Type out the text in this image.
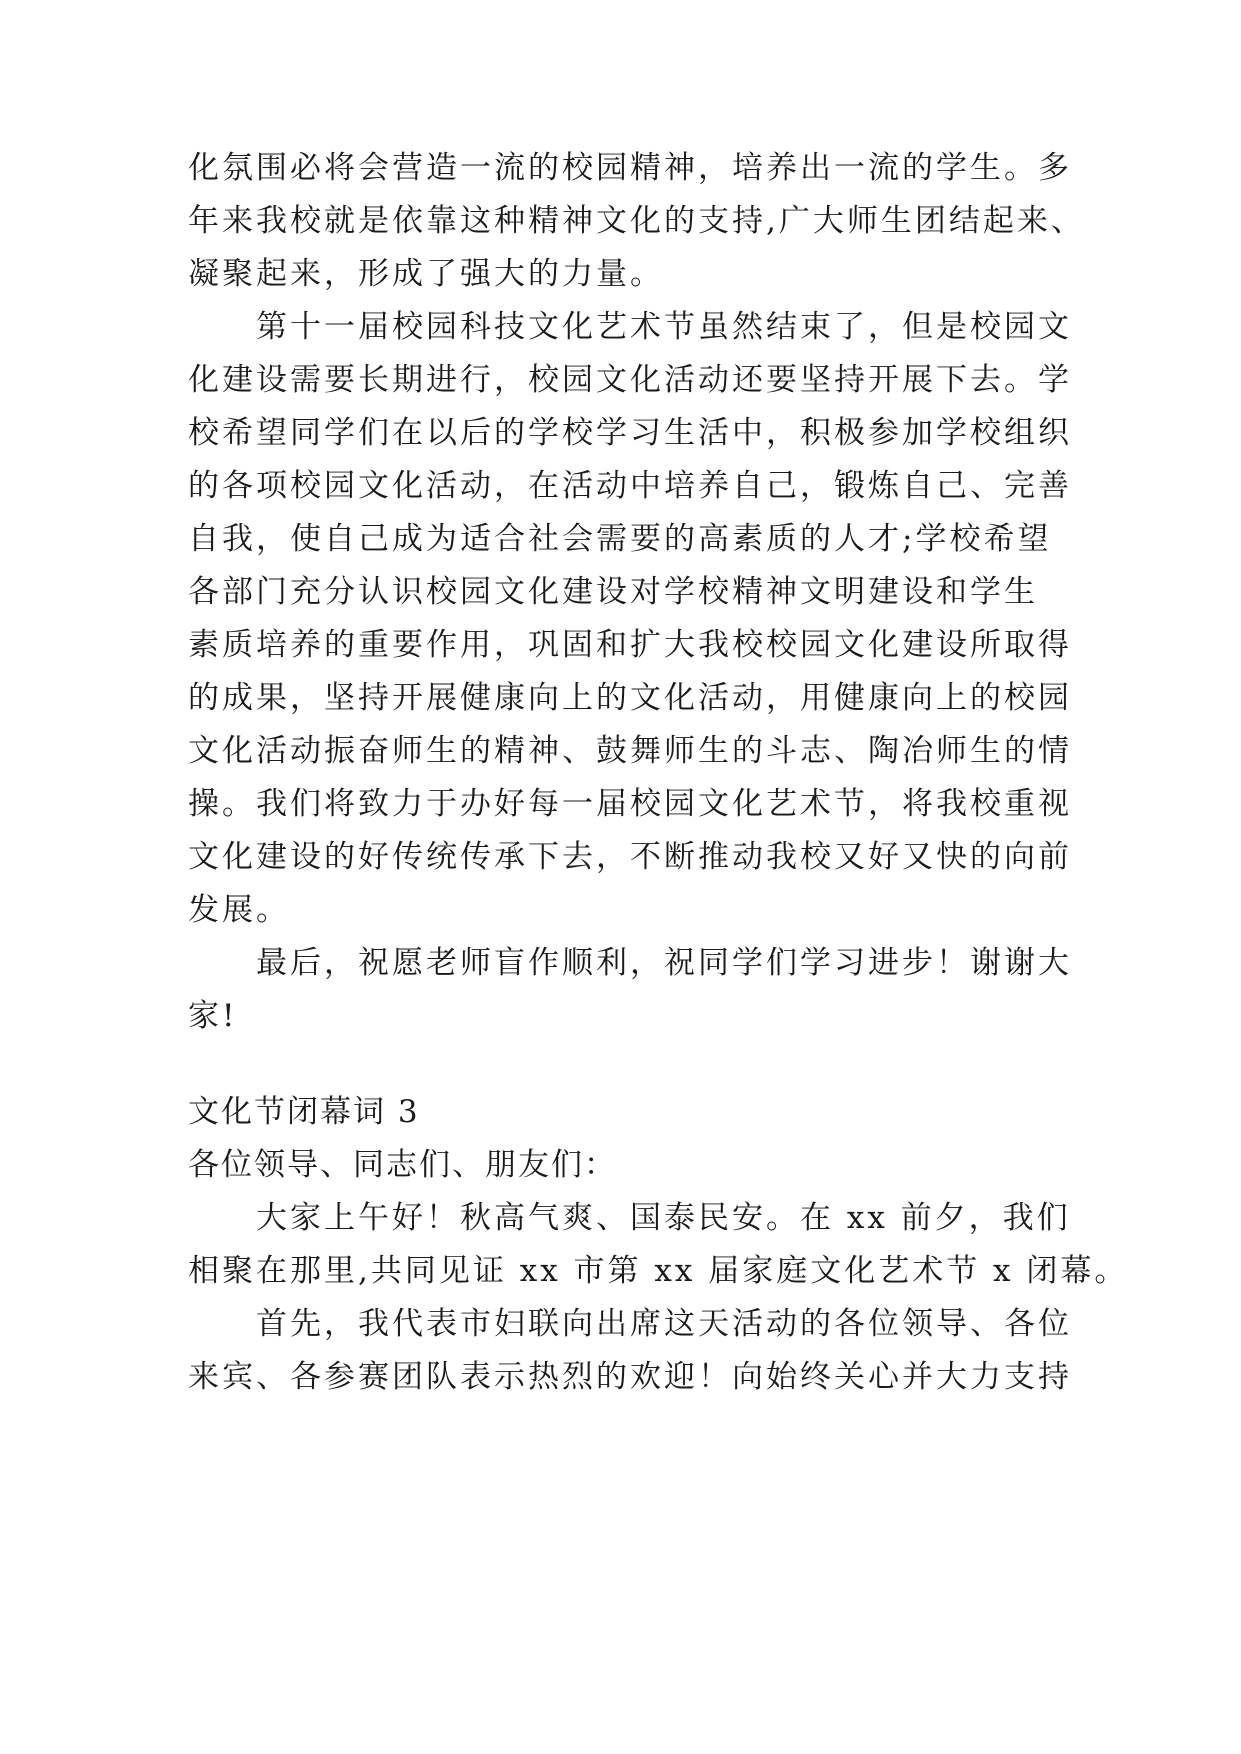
化氛围必将会营造一流的校园精神，培养出一流的学生。多
年来我校就是依靠这种精神文化的支持,广大师生团结起来、
凝聚起来，形成了强大的力量。
第十一届校园科技文化艺术节虽然结束了，但是校园文
化建设需要长期进行，校园文化活动还要坚持开展下去。学
校希望同学们在以后的学校学习生活中，积极参加学校组织
的各项校园文化活动，在活动中培养自己，锻炼自己、完善
自我，使自己成为适合社会需要的高素质的人才;学校希望
各部门充分认识校园文化建设对学校精神文明建设和学生
素质培养的重要作用，巩固和扩大我校校园文化建设所取得
的成果，坚持开展健康向上的文化活动，用健康向上的校园
文化活动振奋师生的精神、鼓舞师生的斗志、陶冶师生的情
操。我们将致力于办好每一届校园文化艺术节，将我校重视
文化建设的好传统传承下去，不断推动我校又好又快的向前
发展。
最后，祝愿老师盲作顺利，祝同学们学习进步！谢谢大
家!
文化节闭幕词 3
各位领导、同志们、朋友们：
大家上午好！秋高气爽、国泰民安。在 xx 前夕，我们
相聚在那里,共同见证 xx 市第 xx 届家庭文化艺术节 x 闭幕。
首先，我代表市妇联向出席这天活动的各位领导、各位
来宾、各参赛团队表示热烈的欢迎！向始终关心并大力支持
